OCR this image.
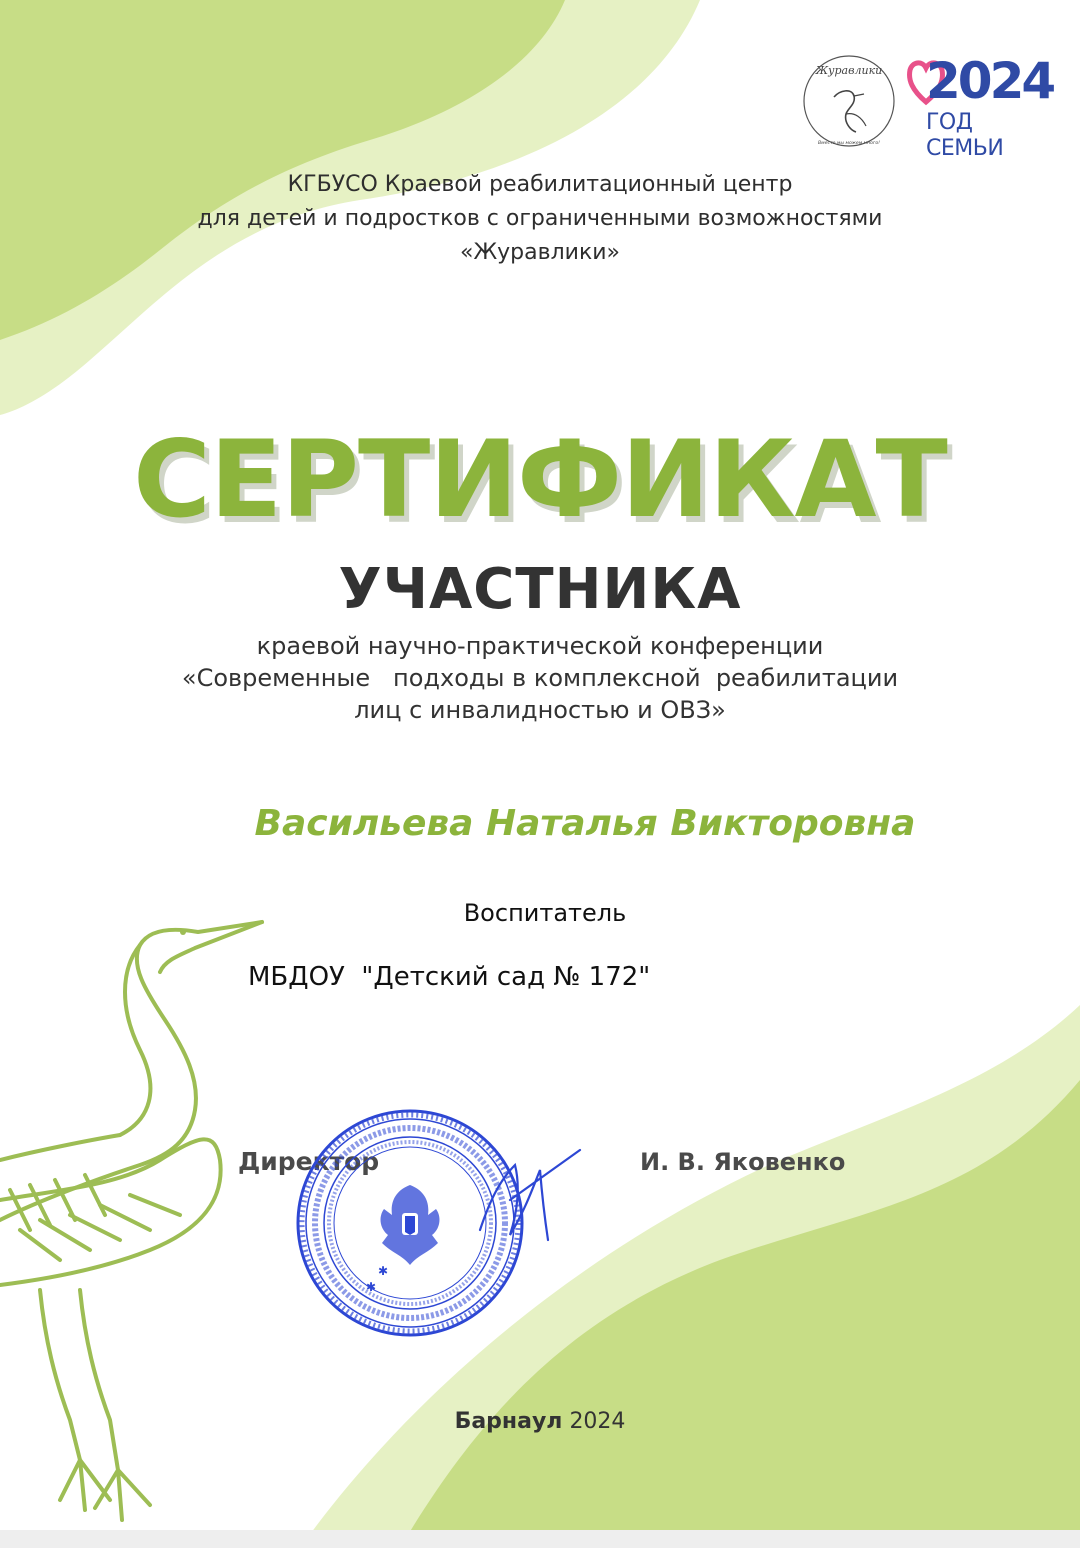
Журавлики
Вместе мы можем много!
2024
ГОД СЕМЬИ
КГБУСО Краевой реабилитационный центр
для детей и подростков с ограниченными возможностями
«Журавлики»
СЕРТИФИКАТ
УЧАСТНИКА
краевой научно-практической конференции
«Современные   подходы в комплексной  реабилитации
лиц с инвалидностью и ОВЗ»
Васильева Наталья Викторовна
Воспитатель
МБДОУ  "Детский сад № 172"
Директор	И. В. Яковенко
✱
✱
Барнаул 2024
